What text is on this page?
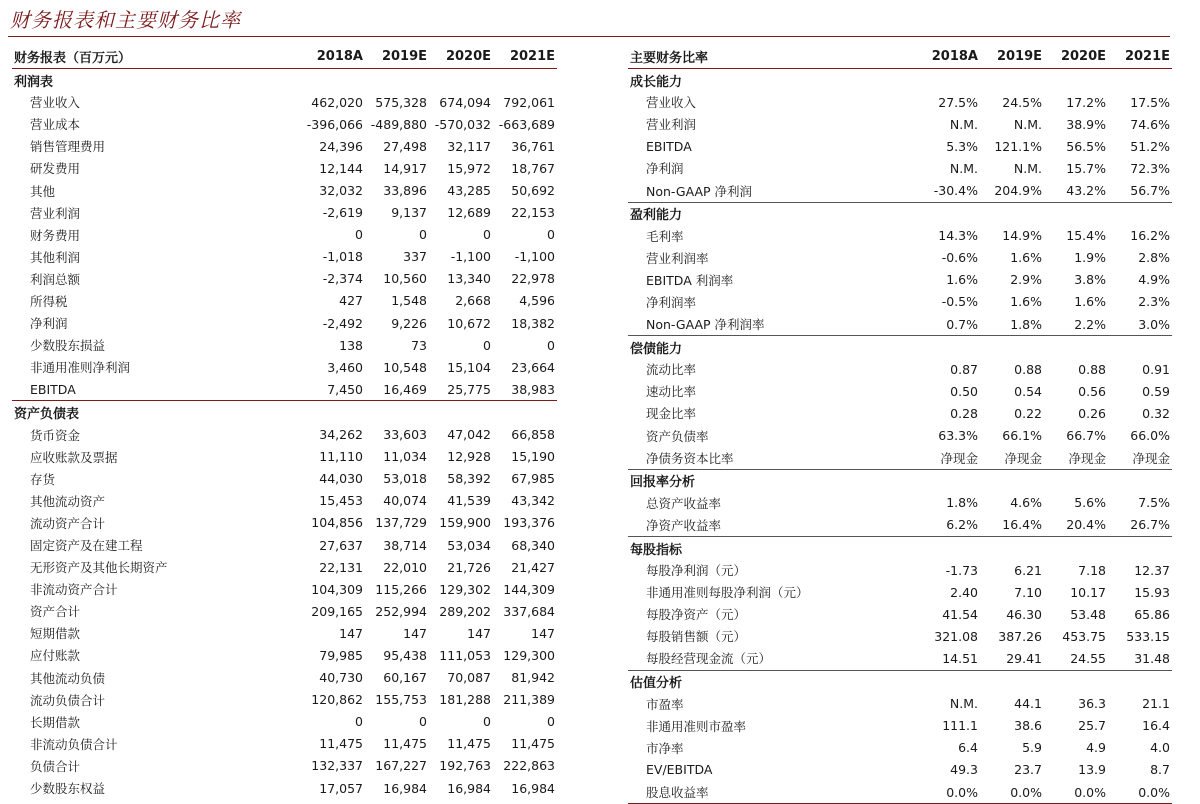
财务报表和主要财务比率
财务报表（百万元）	2018A	2019E	2020E	2021E
利润表				
营业收入	462,020	575,328	674,094	792,061
营业成本	-396,066	-489,880	-570,032	-663,689
销售管理费用	24,396	27,498	32,117	36,761
研发费用	12,144	14,917	15,972	18,767
其他	32,032	33,896	43,285	50,692
营业利润	-2,619	9,137	12,689	22,153
财务费用	0	0	0	0
其他利润	-1,018	337	-1,100	-1,100
利润总额	-2,374	10,560	13,340	22,978
所得税	427	1,548	2,668	4,596
净利润	-2,492	9,226	10,672	18,382
少数股东损益	138	73	0	0
非通用准则净利润	3,460	10,548	15,104	23,664
EBITDA	7,450	16,469	25,775	38,983
资产负债表				
货币资金	34,262	33,603	47,042	66,858
应收账款及票据	11,110	11,034	12,928	15,190
存货	44,030	53,018	58,392	67,985
其他流动资产	15,453	40,074	41,539	43,342
流动资产合计	104,856	137,729	159,900	193,376
固定资产及在建工程	27,637	38,714	53,034	68,340
无形资产及其他长期资产	22,131	22,010	21,726	21,427
非流动资产合计	104,309	115,266	129,302	144,309
资产合计	209,165	252,994	289,202	337,684
短期借款	147	147	147	147
应付账款	79,985	95,438	111,053	129,300
其他流动负债	40,730	60,167	70,087	81,942
流动负债合计	120,862	155,753	181,288	211,389
长期借款	0	0	0	0
非流动负债合计	11,475	11,475	11,475	11,475
负债合计	132,337	167,227	192,763	222,863
少数股东权益	17,057	16,984	16,984	16,984
主要财务比率	2018A	2019E	2020E	2021E
成长能力				
营业收入	27.5%	24.5%	17.2%	17.5%
营业利润	N.M.	N.M.	38.9%	74.6%
EBITDA	5.3%	121.1%	56.5%	51.2%
净利润	N.M.	N.M.	15.7%	72.3%
Non-GAAP 净利润	-30.4%	204.9%	43.2%	56.7%
盈利能力				
毛利率	14.3%	14.9%	15.4%	16.2%
营业利润率	-0.6%	1.6%	1.9%	2.8%
EBITDA 利润率	1.6%	2.9%	3.8%	4.9%
净利润率	-0.5%	1.6%	1.6%	2.3%
Non-GAAP 净利润率	0.7%	1.8%	2.2%	3.0%
偿债能力				
流动比率	0.87	0.88	0.88	0.91
速动比率	0.50	0.54	0.56	0.59
现金比率	0.28	0.22	0.26	0.32
资产负债率	63.3%	66.1%	66.7%	66.0%
净债务资本比率	净现金	净现金	净现金	净现金
回报率分析				
总资产收益率	1.8%	4.6%	5.6%	7.5%
净资产收益率	6.2%	16.4%	20.4%	26.7%
每股指标				
每股净利润（元）	-1.73	6.21	7.18	12.37
非通用准则每股净利润（元）	2.40	7.10	10.17	15.93
每股净资产（元）	41.54	46.30	53.48	65.86
每股销售额（元）	321.08	387.26	453.75	533.15
每股经营现金流（元）	14.51	29.41	24.55	31.48
估值分析				
市盈率	N.M.	44.1	36.3	21.1
非通用准则市盈率	111.1	38.6	25.7	16.4
市净率	6.4	5.9	4.9	4.0
EV/EBITDA	49.3	23.7	13.9	8.7
股息收益率	0.0%	0.0%	0.0%	0.0%
